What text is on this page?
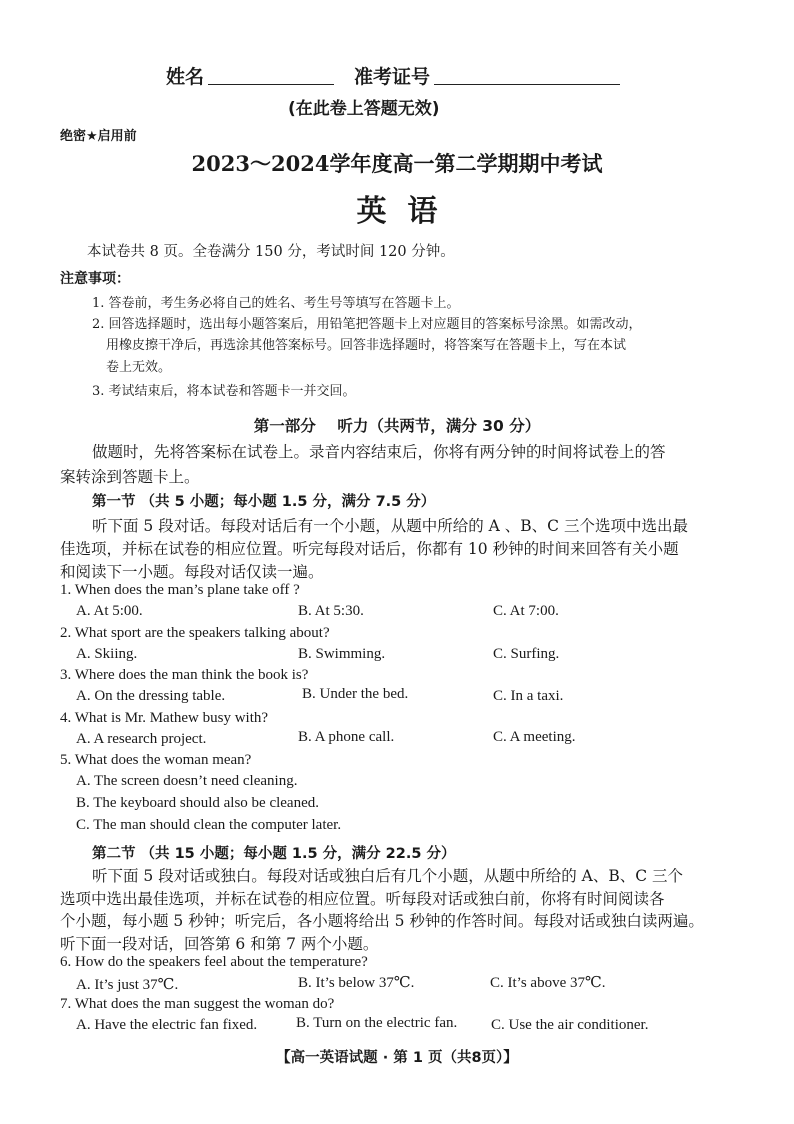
姓名	准考证号
(在此卷上答题无效)
绝密★启用前
2023～2024学年度高一第二学期期中考试
英  语
本试卷共 8 页。全卷满分 150 分，考试时间 120 分钟。
注意事项：
1. 答卷前，考生务必将自己的姓名、考生号等填写在答题卡上。
2. 回答选择题时，选出每小题答案后，用铅笔把答题卡上对应题目的答案标号涂黑。如需改动，
用橡皮擦干净后，再选涂其他答案标号。回答非选择题时，将答案写在答题卡上，写在本试
卷上无效。
3. 考试结束后，将本试卷和答题卡一并交回。
第一部分    听力（共两节，满分 30 分）
做题时，先将答案标在试卷上。录音内容结束后，你将有两分钟的时间将试卷上的答
案转涂到答题卡上。
第一节 （共 5 小题；每小题 1.5 分，满分 7.5 分）
听下面 5 段对话。每段对话后有一个小题，从题中所给的 A 、B、C 三个选项中选出最
佳选项，并标在试卷的相应位置。听完每段对话后，你都有 10 秒钟的时间来回答有关小题
和阅读下一小题。每段对话仅读一遍。
1. When does the man’s plane take off ?
A. At 5:00.	B. At 5:30.	C. At 7:00.
2. What sport are the speakers talking about?
A. Skiing.	B. Swimming.	C. Surfing.
3. Where does the man think the book is?
A. On the dressing table.	B. Under the bed.	C. In a taxi.
4. What is Mr. Mathew busy with?
A. A research project.	B. A phone call.	C. A meeting.
5. What does the woman mean?
A. The screen doesn’t need cleaning.
B. The keyboard should also be cleaned.
C. The man should clean the computer later.
第二节 （共 15 小题；每小题 1.5 分，满分 22.5 分）
听下面 5 段对话或独白。每段对话或独白后有几个小题，从题中所给的 A、B、C 三个
选项中选出最佳选项，并标在试卷的相应位置。听每段对话或独白前，你将有时间阅读各
个小题，每小题 5 秒钟；听完后，各小题将给出 5 秒钟的作答时间。每段对话或独白读两遍。
听下面一段对话，回答第 6 和第 7 两个小题。
6. How do the speakers feel about the temperature?
A. It’s just 37℃.	B. It’s below 37℃.	C. It’s above 37℃.
7. What does the man suggest the woman do?
A. Have the electric fan fixed.	B. Turn on the electric fan. C. Use the air conditioner.
【高一英语试题 · 第 1 页（共8页）】
